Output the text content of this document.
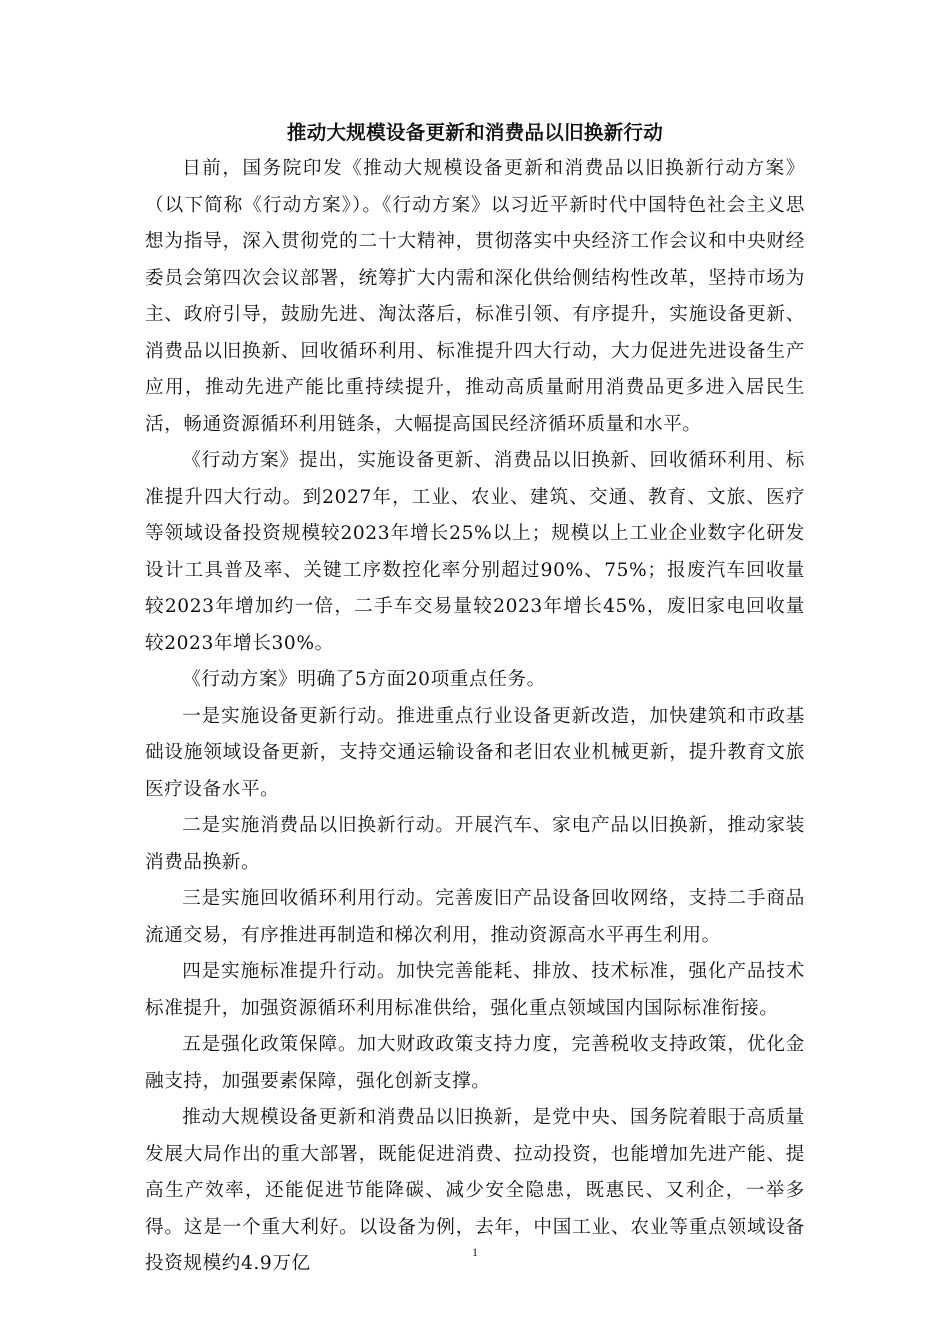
推动大规模设备更新和消费品以旧换新行动

日前，国务院印发《推动大规模设备更新和消费品以旧换新行动方案》（以下简称《行动方案》）。《行动方案》以习近平新时代中国特色社会主义思想为指导，深入贯彻党的二十大精神，贯彻落实中央经济工作会议和中央财经委员会第四次会议部署，统筹扩大内需和深化供给侧结构性改革，坚持市场为主、政府引导，鼓励先进、淘汰落后，标准引领、有序提升，实施设备更新、消费品以旧换新、回收循环利用、标准提升四大行动，大力促进先进设备生产应用，推动先进产能比重持续提升，推动高质量耐用消费品更多进入居民生活，畅通资源循环利用链条，大幅提高国民经济循环质量和水平。

《行动方案》提出，实施设备更新、消费品以旧换新、回收循环利用、标准提升四大行动。到2027年，工业、农业、建筑、交通、教育、文旅、医疗等领域设备投资规模较2023年增长25%以上；规模以上工业企业数字化研发设计工具普及率、关键工序数控化率分别超过90%、75%；报废汽车回收量较2023年增加约一倍，二手车交易量较2023年增长45%，废旧家电回收量较2023年增长30%。

《行动方案》明确了5方面20项重点任务。

一是实施设备更新行动。推进重点行业设备更新改造，加快建筑和市政基础设施领域设备更新，支持交通运输设备和老旧农业机械更新，提升教育文旅医疗设备水平。

二是实施消费品以旧换新行动。开展汽车、家电产品以旧换新，推动家装消费品换新。

三是实施回收循环利用行动。完善废旧产品设备回收网络，支持二手商品流通交易，有序推进再制造和梯次利用，推动资源高水平再生利用。

四是实施标准提升行动。加快完善能耗、排放、技术标准，强化产品技术标准提升，加强资源循环利用标准供给，强化重点领域国内国际标准衔接。

五是强化政策保障。加大财政政策支持力度，完善税收支持政策，优化金融支持，加强要素保障，强化创新支撑。

推动大规模设备更新和消费品以旧换新，是党中央、国务院着眼于高质量发展大局作出的重大部署，既能促进消费、拉动投资，也能增加先进产能、提高生产效率，还能促进节能降碳、减少安全隐患，既惠民、又利企，一举多得。这是一个重大利好。以设备为例，去年，中国工业、农业等重点领域设备投资规模约4.9万亿

1
